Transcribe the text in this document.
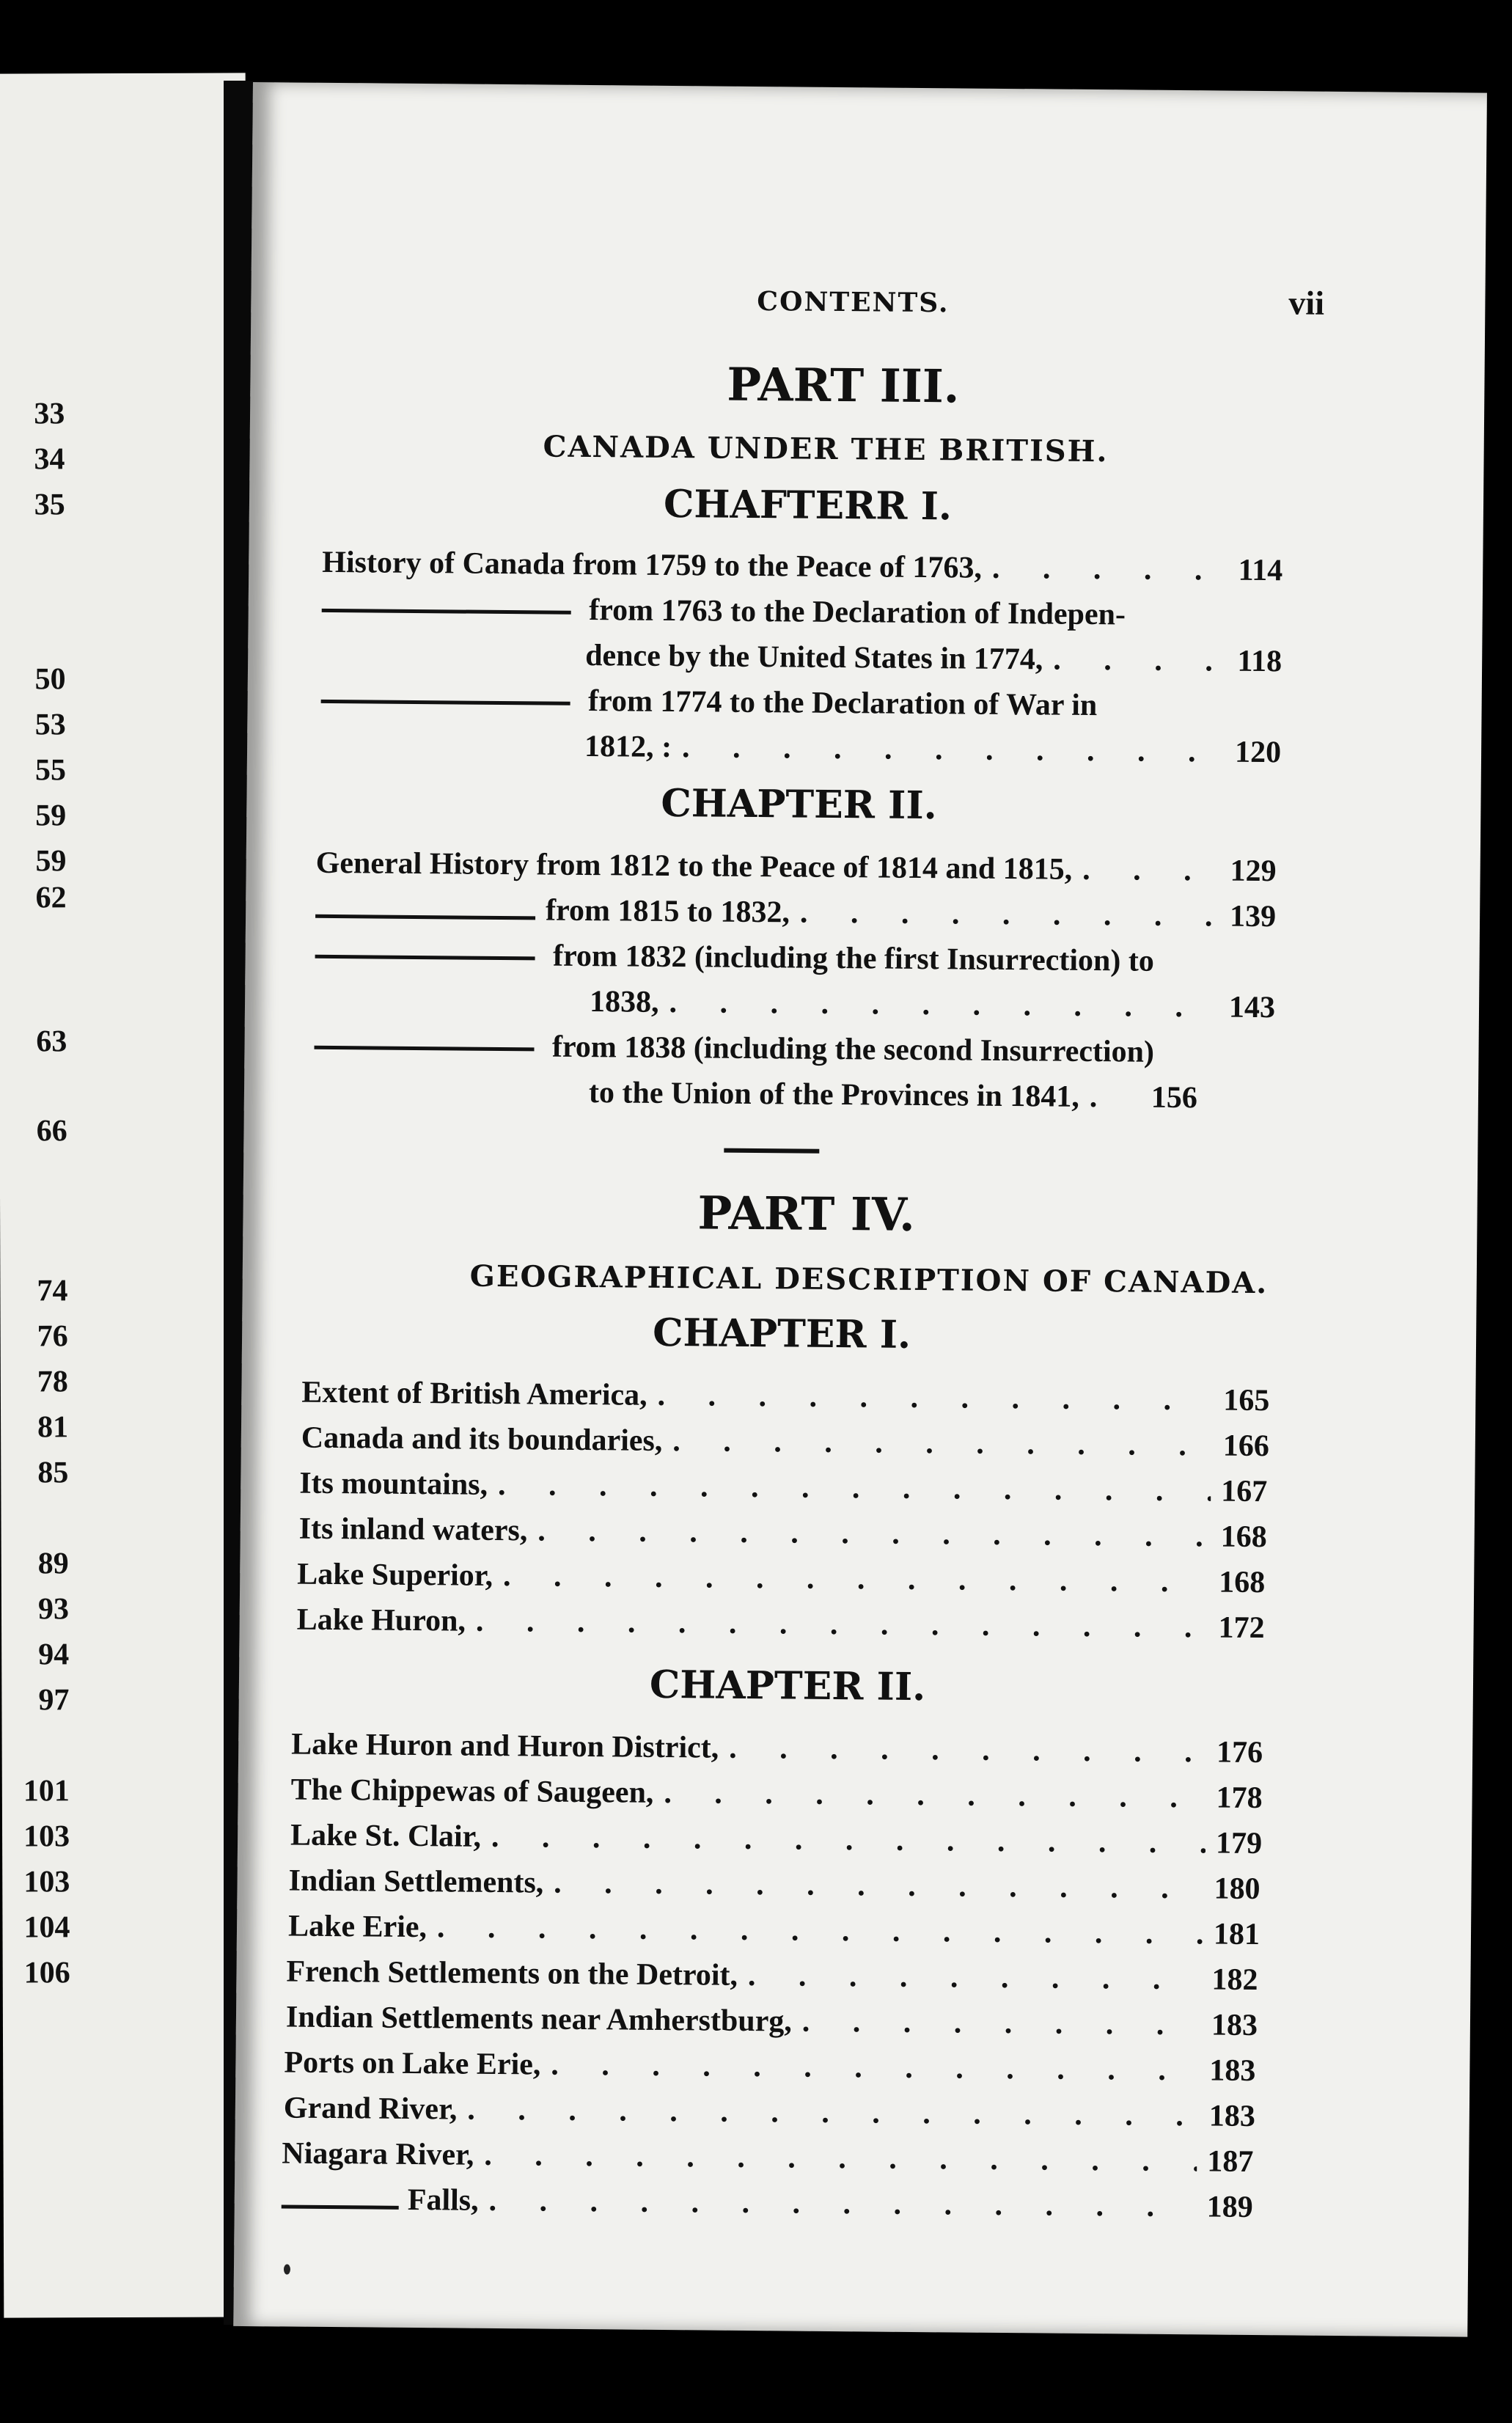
33
34
35
50
53
55
59
59
62
63
66
74
76
78
81
85
89
93
94
97
101
103
103
104
106
CONTENTS.	vii
PART III.
CANADA UNDER THE BRITISH.
CHAFTERR I.
History of Canada from 1759 to the Peace of 1763, . . .	114
from 1763 to the Declaration of Indepen-
dence by the United States in 1774, . . .	118
from 1774 to the Declaration of War in
1812, : . . .	120
CHAPTER II.
General History from 1812 to the Peace of 1814 and 1815, . . .	129
from 1815 to 1832, . . .	139
from 1832 (including the first Insurrection) to
1838, . . .	143
from 1838 (including the second Insurrection)
to the Union of the Provinces in 1841, . . . 156
PART IV.
GEOGRAPHICAL DESCRIPTION OF CANADA.
CHAPTER I.
Extent of British America, . . .	165
Canada and its boundaries, . . .	166
Its mountains, . . .	167
Its inland waters, . . .	168
Lake Superior, . . .	168
Lake Huron, . . .	172
CHAPTER II.
Lake Huron and Huron District, . . .	176
The Chippewas of Saugeen, . . .	178
Lake St. Clair, . . .	179
Indian Settlements, . . .	180
Lake Erie, . . .	181
French Settlements on the Detroit, . . .	182
Indian Settlements near Amherstburg, . . .	183
Ports on Lake Erie, . . .	183
Grand River, . . .	183
Niagara River, . . .	187
Falls, . . .	189
